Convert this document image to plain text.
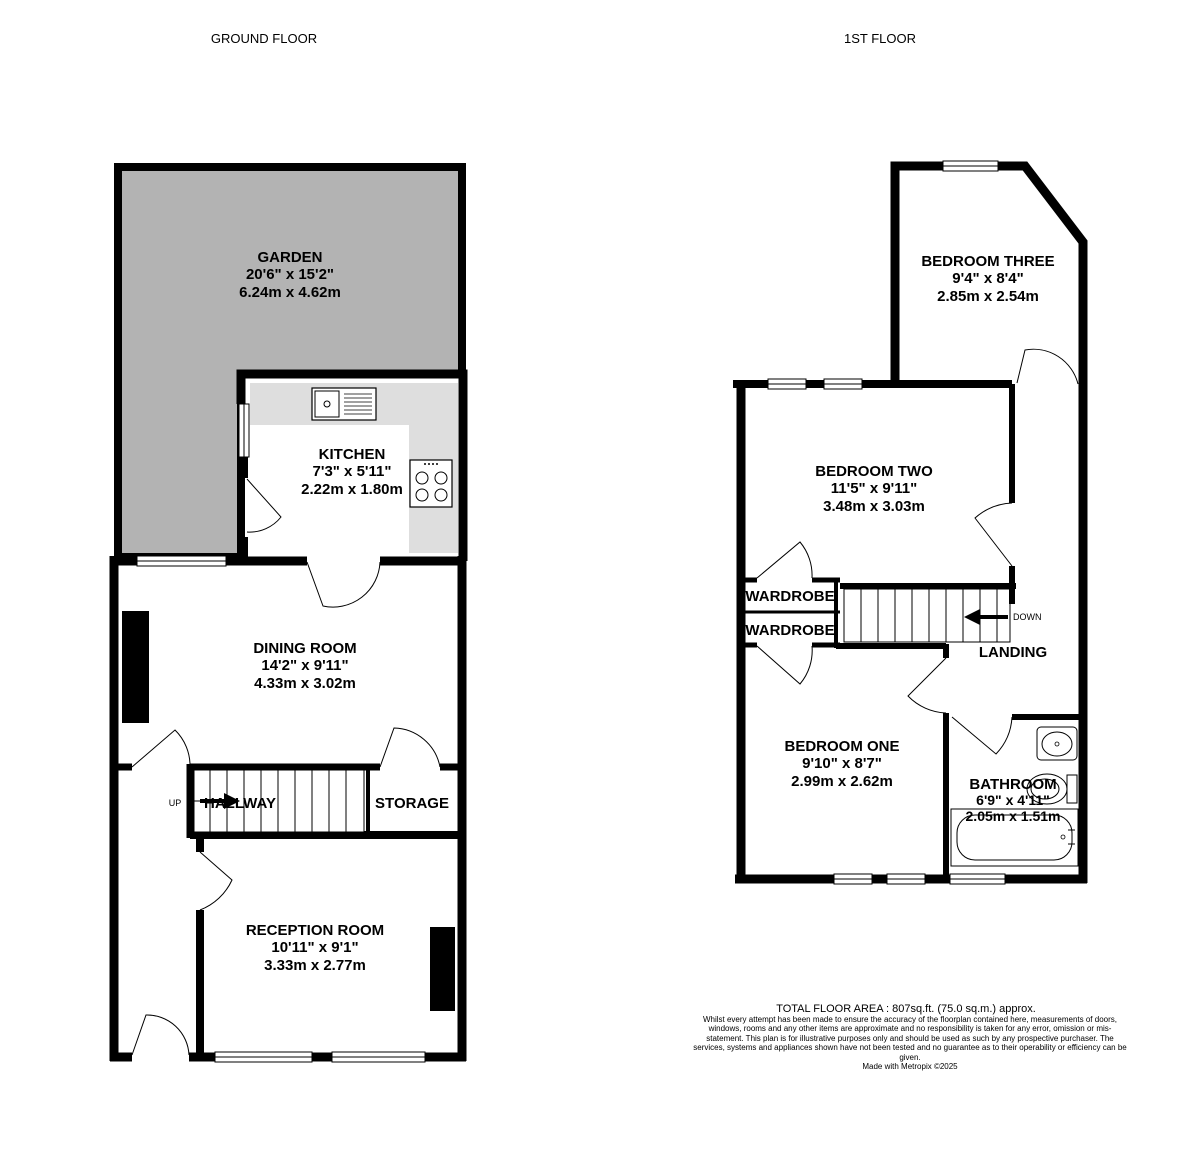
GROUND FLOOR	1ST FLOOR
GARDEN
20'6" x 15'2"
6.24m x 4.62m
KITCHEN
7'3" x 5'11"
2.22m x 1.80m
DINING ROOM
14'2" x 9'11"
4.33m x 3.02m
HALLWAY	STORAGE
UP
RECEPTION ROOM
10'11" x 9'1"
3.33m x 2.77m
BEDROOM THREE
9'4" x 8'4"
2.85m x 2.54m
BEDROOM TWO
11'5" x 9'11"
3.48m x 3.03m
WARDROBE
WARDROBE
DOWN
LANDING
BEDROOM ONE
9'10" x 8'7"
2.99m x 2.62m	BATHROOM
6'9" x 4'11"
2.05m x 1.51m
TOTAL FLOOR AREA : 807sq.ft. (75.0 sq.m.) approx.
Whilst every attempt has been made to ensure the accuracy of the floorplan contained here, measurements of doors, windows, rooms and any other items are approximate and no responsibility is taken for any error, omission or mis-statement. This plan is for illustrative purposes only and should be used as such by any prospective purchaser. The services, systems and appliances shown have not been tested and no guarantee as to their operability or efficiency can be given.
Made with Metropix ©2025
